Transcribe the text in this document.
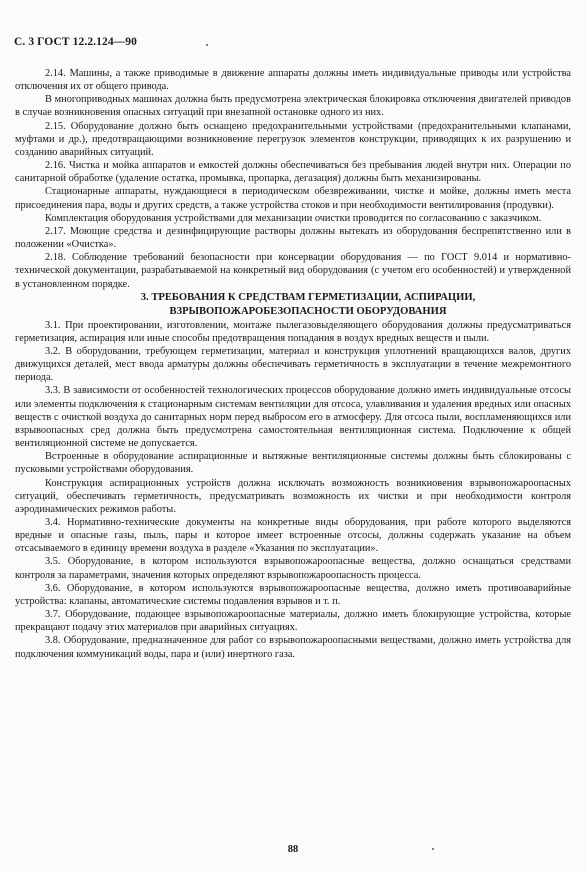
С. 3 ГОСТ 12.2.124—90

2.14. Машины, а также приводимые в движение аппараты должны иметь индивидуальные приводы или устройства отключения их от общего привода.

В многоприводных машинах должна быть предусмотрена электрическая блокировка отключения двигателей приводов в случае возникновения опасных ситуаций при внезапной остановке одного из них.

2.15. Оборудование должно быть оснащено предохранительными устройствами (предохранительными клапанами, муфтами и др.), предотвращающими возникновение перегрузок элементов конструкции, приводящих к их разрушению и созданию аварийных ситуаций.

2.16. Чистка и мойка аппаратов и емкостей должны обеспечиваться без пребывания людей внутри них. Операции по санитарной обработке (удаление остатка, промывка, пропарка, дегазация) должны быть механизированы.

Стационарные аппараты, нуждающиеся в периодическом обезвреживании, чистке и мойке, должны иметь места присоединения пара, воды и других средств, а также устройства стоков и при необходимости вентилирования (продувки).

Комплектация оборудования устройствами для механизации очистки проводится по согласованию с заказчиком.

2.17. Моющие средства и дезинфицирующие растворы должны вытекать из оборудования беспрепятственно или в положении «Очистка».

2.18. Соблюдение требований безопасности при консервации оборудования — по ГОСТ 9.014 и нормативно-технической документации, разрабатываемой на конкретный вид оборудования (с учетом его особенностей) и утвержденной в установленном порядке.

3. ТРЕБОВАНИЯ К СРЕДСТВАМ ГЕРМЕТИЗАЦИИ, АСПИРАЦИИ,
ВЗРЫВОПОЖАРОБЕЗОПАСНОСТИ ОБОРУДОВАНИЯ

3.1. При проектировании, изготовлении, монтаже пылегазовыделяющего оборудования должны предусматриваться герметизация, аспирация или иные способы предотвращения попадания в воздух вредных веществ и пыли.

3.2. В оборудовании, требующем герметизации, материал и конструкция уплотнений вращающихся валов, других движущихся деталей, мест ввода арматуры должны обеспечивать герметичность в эксплуатации в течение межремонтного периода.

3.3. В зависимости от особенностей технологических процессов оборудование должно иметь индивидуальные отсосы или элементы подключения к стационарным системам вентиляции для отсоса, улавливания и удаления вредных или опасных веществ с очисткой воздуха до санитарных норм перед выбросом его в атмосферу. Для отсоса пыли, воспламеняющихся или взрывоопасных сред должна быть предусмотрена самостоятельная вентиляционная система. Подключение к общей вентиляционной системе не допускается.

Встроенные в оборудование аспирационные и вытяжные вентиляционные системы должны быть сблокированы с пусковыми устройствами оборудования.

Конструкция аспирационных устройств должна исключать возможность возникновения взрывопожароопасных ситуаций, обеспечивать герметичность, предусматривать возможность их чистки и при необходимости контроля аэродинамических режимов работы.

3.4. Нормативно-технические документы на конкретные виды оборудования, при работе которого выделяются вредные и опасные газы, пыль, пары и которое имеет встроенные отсосы, должны содержать указание на объем отсасываемого в единицу времени воздуха в разделе «Указания по эксплуатации».

3.5. Оборудование, в котором используются взрывопожароопасные вещества, должно оснащаться средствами контроля за параметрами, значения которых определяют взрывопожароопасность процесса.

3.6. Оборудование, в котором используются взрывопожароопасные вещества, должно иметь противоаварийные устройства: клапаны, автоматические системы подавления взрывов и т. п.

3.7. Оборудование, подающее взрывопожароопасные материалы, должно иметь блокирующие устройства, которые прекращают подачу этих материалов при аварийных ситуациях.

3.8. Оборудование, предназначенное для работ со взрывопожароопасными веществами, должно иметь устройства для подключения коммуникаций воды, пара и (или) инертного газа.

88
